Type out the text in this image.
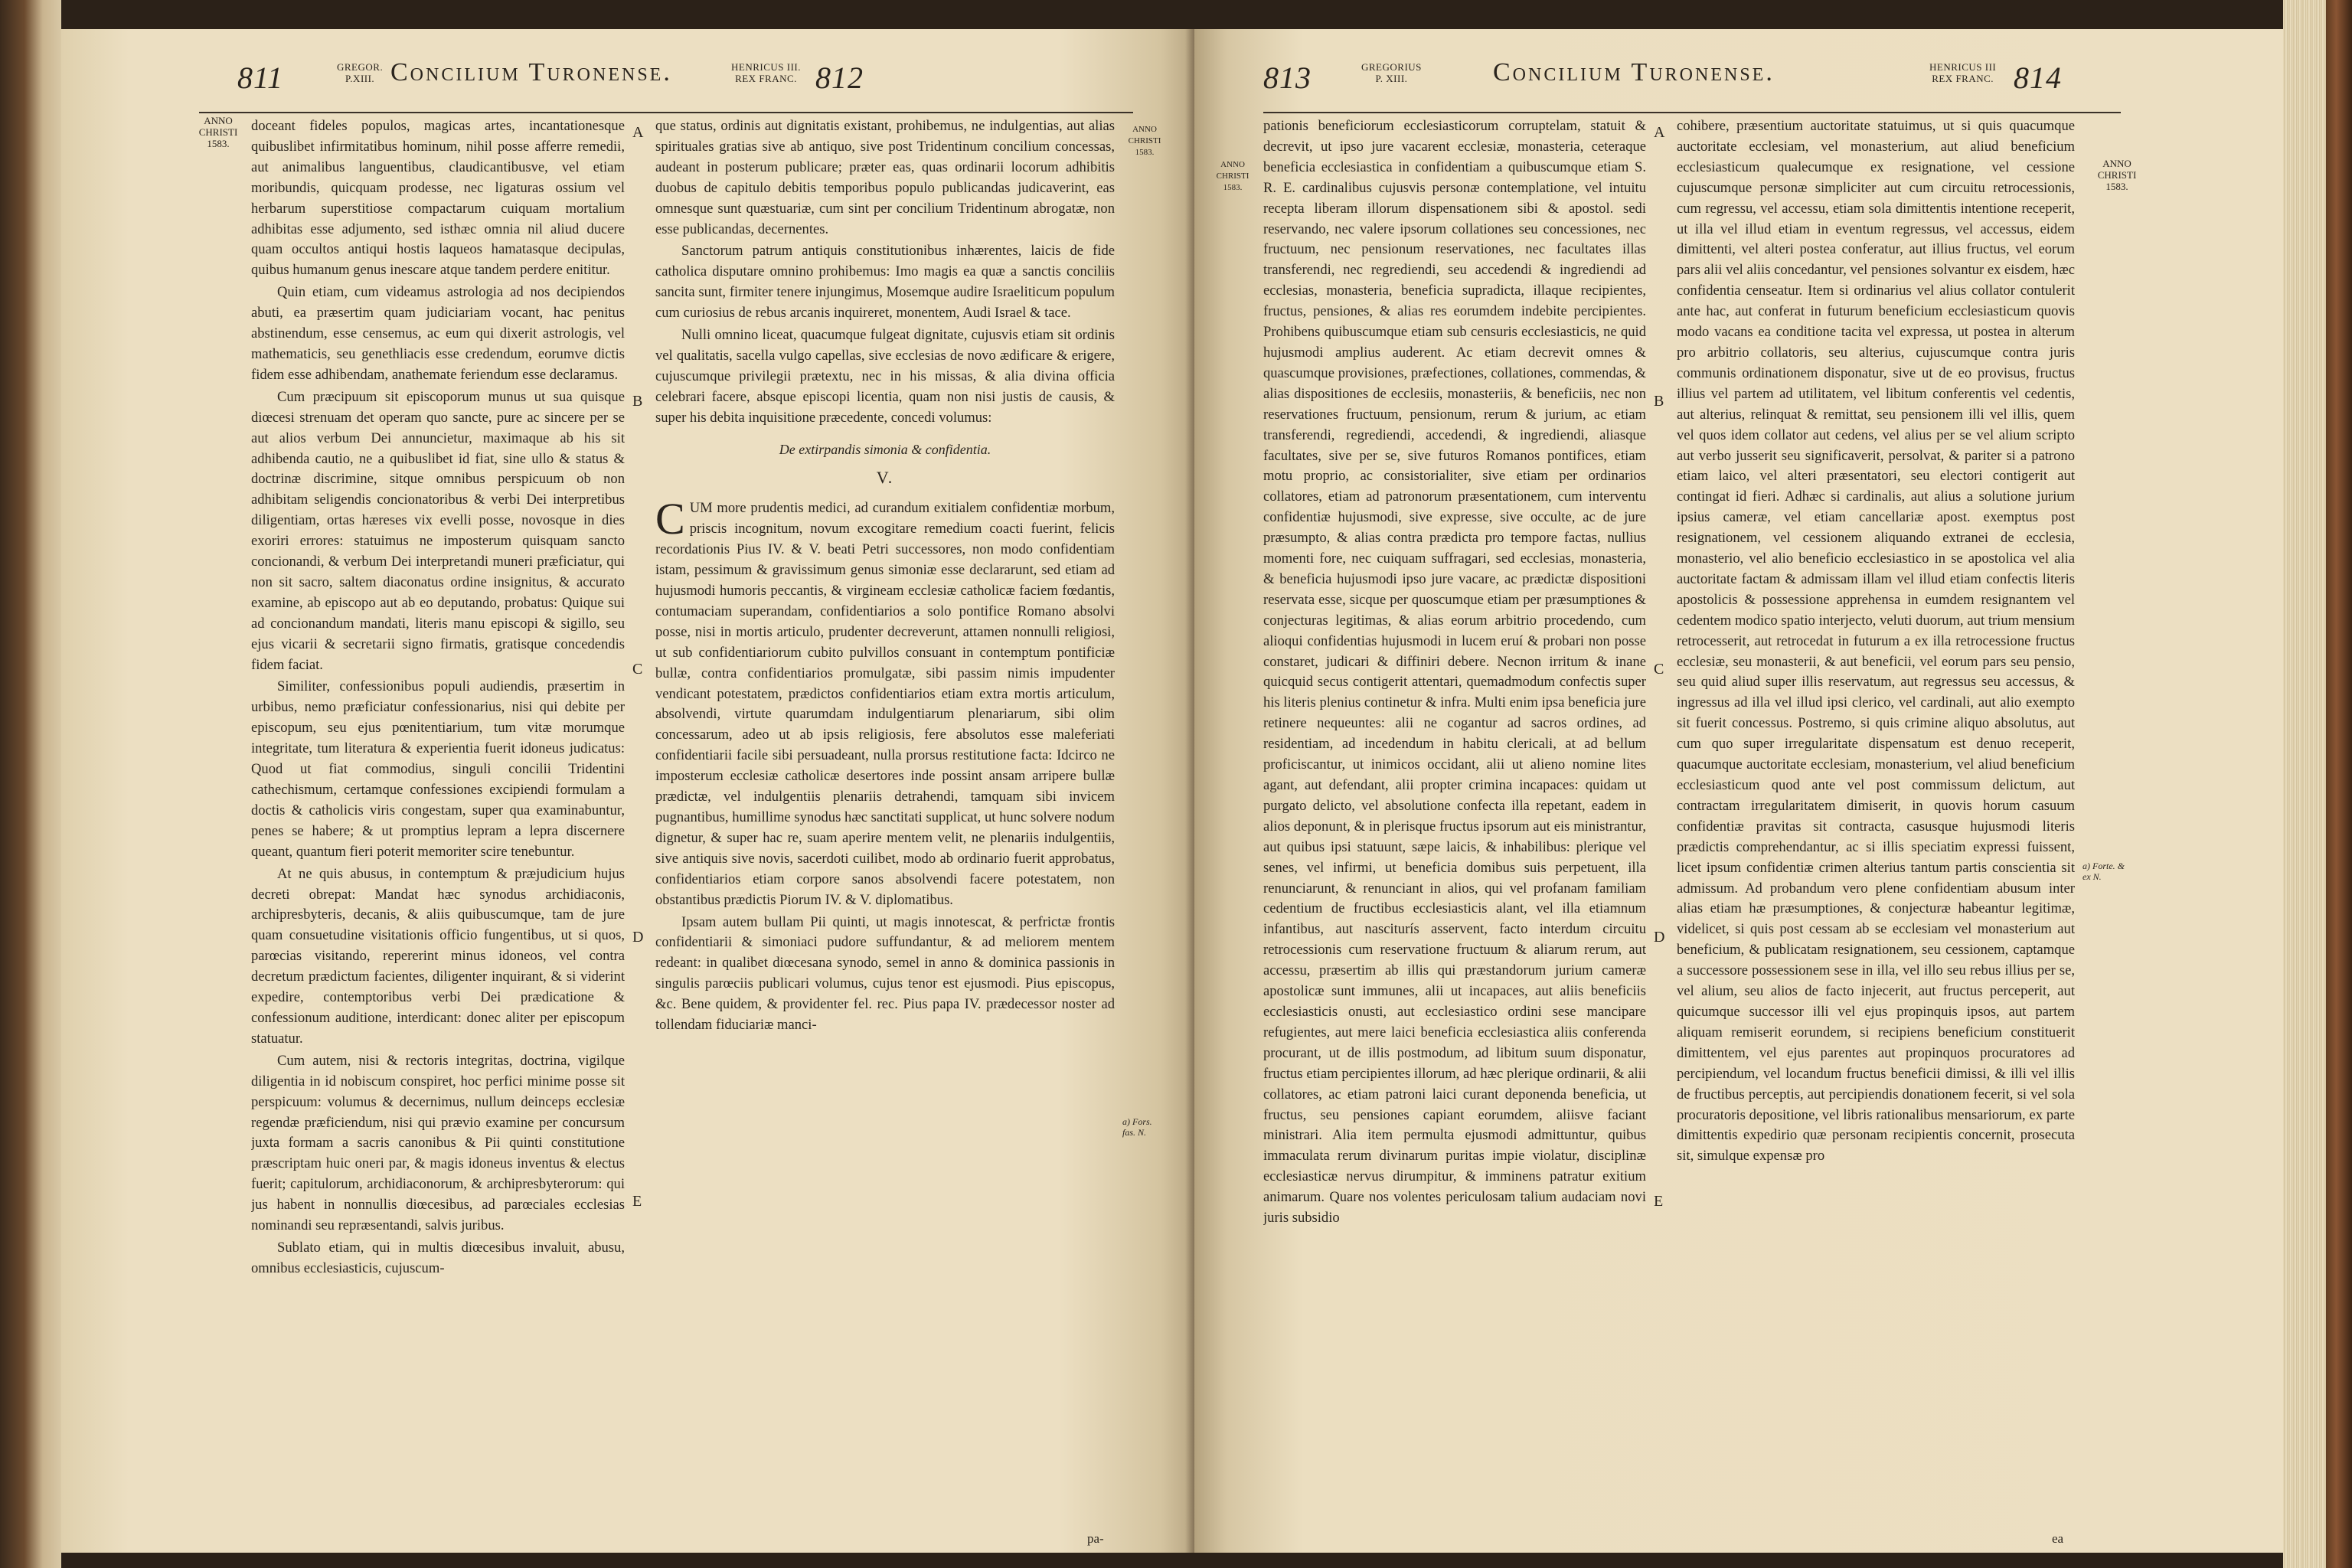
811	GREGOR.
P.XIII. Concilium Turonense.	HENRICUS III.
REX FRANC. 812
ANNO
CHRISTI
1583.
ANNO
CHRISTI
1583.

doceant fideles populos, magicas artes, incantationesque quibuslibet infirmitatibus hominum, nihil posse afferre remedii, aut animalibus languentibus, claudicantibusve, vel etiam moribundis, quicquam prodesse, nec ligaturas ossium vel herbarum superstitiose compactarum cuiquam mortalium adhibitas esse adjumento, sed isthæc omnia nil aliud ducere quam occultos antiqui hostis laqueos hamatasque decipulas, quibus humanum genus inescare atque tandem perdere enititur.

Quin etiam, cum videamus astrologia ad nos decipiendos abuti, ea præsertim quam judiciariam vocant, hac penitus abstinendum, esse censemus, ac eum qui dixerit astrologis, vel mathematicis, seu genethliacis esse credendum, eorumve dictis fidem esse adhibendam, anathemate feriendum esse declaramus.

Cum præcipuum sit episcoporum munus ut sua quisque diœcesi strenuam det operam quo sancte, pure ac sincere per se aut alios verbum Dei annuncietur, maximaque ab his sit adhibenda cautio, ne a quibuslibet id fiat, sine ullo & status & doctrinæ discrimine, sitque omnibus perspicuum ob non adhibitam seligendis concionatoribus & verbi Dei interpretibus diligentiam, ortas hæreses vix evelli posse, novosque in dies exoriri errores: statuimus ne imposterum quisquam sancto concionandi, & verbum Dei interpretandi muneri præficiatur, qui non sit sacro, saltem diaconatus ordine insignitus, & accurato examine, ab episcopo aut ab eo deputando, probatus: Quique sui ad concionandum mandati, literis manu episcopi & sigillo, seu ejus vicarii & secretarii signo firmatis, gratisque concedendis fidem faciat.

Similiter, confessionibus populi audiendis, præsertim in urbibus, nemo præficiatur confessionarius, nisi qui debite per episcopum, seu ejus pœnitentiarium, tum vitæ morumque integritate, tum literatura & experientia fuerit idoneus judicatus: Quod ut fiat commodius, singuli concilii Tridentini cathechismum, certamque confessiones excipiendi formulam a doctis & catholicis viris congestam, super qua examinabuntur, penes se habere; & ut promptius lepram a lepra discernere queant, quantum fieri poterit memoriter scire tenebuntur.

At ne quis abusus, in contemptum & præjudicium hujus decreti obrepat: Mandat hæc synodus archidiaconis, archipresbyteris, decanis, & aliis quibuscumque, tam de jure quam consuetudine visitationis officio fungentibus, ut si quos, parœcias visitando, repererint minus idoneos, vel contra decretum prædictum facientes, diligenter inquirant, & si viderint expedire, contemptoribus verbi Dei prædicatione & confessionum auditione, interdicant: donec aliter per episcopum statuatur.

Cum autem, nisi & rectoris integritas, doctrina, vigilque diligentia in id nobiscum conspiret, hoc perfici minime posse sit perspicuum: volumus & decernimus, nullum deinceps ecclesiæ regendæ præficiendum, nisi qui prævio examine per concursum juxta formam a sacris canonibus & Pii quinti constitutione præscriptam huic oneri par, & magis idoneus inventus & electus fuerit; capitulorum, archidiaconorum, & archipresbyterorum: qui jus habent in nonnullis diœcesibus, ad parœciales ecclesias nominandi seu repræsentandi, salvis juribus.

Sublato etiam, qui in multis diœcesibus invaluit, abusu, omnibus ecclesiasticis, cujuscum-

A
B
C
D
E

que status, ordinis aut dignitatis existant, prohibemus, ne indulgentias, aut alias spirituales gratias sive ab antiquo, sive post Tridentinum concilium concessas, audeant in posterum publicare; præter eas, quas ordinarii locorum adhibitis duobus de capitulo debitis temporibus populo publicandas judicaverint, eas omnesque sunt quæstuariæ, cum sint per concilium Tridentinum abrogatæ, non esse publicandas, decernentes.

Sanctorum patrum antiquis constitutionibus inhærentes, laicis de fide catholica disputare omnino prohibemus: Imo magis ea quæ a sanctis conciliis sancita sunt, firmiter tenere injungimus, Mosemque audire Israeliticum populum cum curiosius de rebus arcanis inquireret, monentem, Audi Israel & tace.

Nulli omnino liceat, quacumque fulgeat dignitate, cujusvis etiam sit ordinis vel qualitatis, sacella vulgo capellas, sive ecclesias de novo ædificare & erigere, cujuscumque privilegii prætextu, nec in his missas, & alia divina officia celebrari facere, absque episcopi licentia, quam non nisi justis de causis, & super his debita inquisitione præcedente, concedi volumus:

De extirpandis simonia & confidentia.
V.

CUM more prudentis medici, ad curandum exitialem confidentiæ morbum, priscis incognitum, novum excogitare remedium coacti fuerint, felicis recordationis Pius IV. & V. beati Petri successores, non modo confidentiam istam, pessimum & gravissimum genus simoniæ esse declararunt, sed etiam ad hujusmodi humoris peccantis, & virgineam ecclesiæ catholicæ faciem fœdantis, contumaciam superandam, confidentiarios a solo pontifice Romano absolvi posse, nisi in mortis articulo, prudenter decreverunt, attamen nonnulli religiosi, ut sub confidentiariorum cubito pulvillos consuant in contemptum pontificiæ bullæ, contra confidentiarios promulgatæ, sibi passim nimis impudenter vendicant potestatem, prædictos confidentiarios etiam extra mortis articulum, absolvendi, virtute quarumdam indulgentiarum plenariarum, sibi olim concessarum, adeo ut ab ipsis religiosis, fere absolutos esse maleferiati confidentiarii facile sibi persuadeant, nulla prorsus restitutione facta: Idcirco ne imposterum ecclesiæ catholicæ desertores inde possint ansam arripere bullæ prædictæ, vel indulgentiis plenariis detrahendi, tamquam sibi invicem pugnantibus, humillime synodus hæc sanctitati supplicat, ut hunc solvere nodum dignetur, & super hac re, suam aperire mentem velit, ne plenariis indulgentiis, sive antiquis sive novis, sacerdoti cuilibet, modo ab ordinario fuerit approbatus, confidentiarios etiam corpore sanos absolvendi facere potestatem, non obstantibus prædictis Piorum IV. & V. diplomatibus.

Ipsam autem bullam Pii quinti, ut magis innotescat, & perfrictæ frontis confidentiarii & simoniaci pudore suffundantur, & ad meliorem mentem redeant: in qualibet diœcesana synodo, semel in anno & dominica passionis in singulis parœciis publicari volumus, cujus tenor est ejusmodi. Pius episcopus, &c. Bene quidem, & providenter fel. rec. Pius papa IV. prædecessor noster ad tollendam fiduciariæ manci-

pa-
a) Fors. fas. N.
813	GREGORIUS
P. XIII.	Concilium Turonense.	HENRICUS III
REX FRANC. 814
ANNO
CHRISTI
1583.
ANNO
CHRISTI
1583.

pationis beneficiorum ecclesiasticorum corruptelam, statuit & decrevit, ut ipso jure vacarent ecclesiæ, monasteria, ceteraque beneficia ecclesiastica in confidentiam a quibuscumque etiam S. R. E. cardinalibus cujusvis personæ contemplatione, vel intuitu recepta liberam illorum dispensationem sibi & apostol. sedi reservando, nec valere ipsorum collationes seu concessiones, nec fructuum, nec pensionum reservationes, nec facultates illas transferendi, nec regrediendi, seu accedendi & ingrediendi ad ecclesias, monasteria, beneficia supradicta, illaque recipientes, fructus, pensiones, & alias res eorumdem indebite percipientes. Prohibens quibuscumque etiam sub censuris ecclesiasticis, ne quid hujusmodi amplius auderent. Ac etiam decrevit omnes & quascumque provisiones, præfectiones, collationes, commendas, & alias dispositiones de ecclesiis, monasteriis, & beneficiis, nec non reservationes fructuum, pensionum, rerum & jurium, ac etiam transferendi, regrediendi, accedendi, & ingrediendi, aliasque facultates, sive per se, sive futuros Romanos pontifices, etiam motu proprio, ac consistorialiter, sive etiam per ordinarios collatores, etiam ad patronorum præsentationem, cum interventu confidentiæ hujusmodi, sive expresse, sive occulte, ac de jure præsumpto, & alias contra prædicta pro tempore factas, nullius momenti fore, nec cuiquam suffragari, sed ecclesias, monasteria, & beneficia hujusmodi ipso jure vacare, ac prædictæ dispositioni reservata esse, sicque per quoscumque etiam per præsumptiones & conjecturas legitimas, & alias eorum arbitrio procedendo, cum alioqui confidentias hujusmodi in lucem eruí & probari non posse constaret, judicari & diffiniri debere. Necnon irritum & inane quicquid secus contigerit attentari, quemadmodum confectis super his literis plenius continetur & infra. Multi enim ipsa beneficia jure retinere nequeuntes: alii ne cogantur ad sacros ordines, ad residentiam, ad incedendum in habitu clericali, at ad bellum proficiscantur, ut inimicos occidant, alii ut alieno nomine lites agant, aut defendant, alii propter crimina incapaces: quidam ut purgato delicto, vel absolutione confecta illa repetant, eadem in alios deponunt, & in plerisque fructus ipsorum aut eis ministrantur, aut quibus ipsi statuunt, sæpe laicis, & inhabilibus: plerique vel senes, vel infirmi, ut beneficia domibus suis perpetuent, illa renunciarunt, & renunciant in alios, qui vel profanam familiam cedentium de fructibus ecclesiasticis alant, vel illa etiamnum infantibus, aut nasciturís asservent, facto interdum circuitu retrocessionis cum reservatione fructuum & aliarum rerum, aut accessu, præsertim ab illis qui præstandorum jurium cameræ apostolicæ sunt immunes, alii ut incapaces, aut aliis beneficiis ecclesiasticis onusti, aut ecclesiastico ordini sese mancipare refugientes, aut mere laici beneficia ecclesiastica aliis conferenda procurant, ut de illis postmodum, ad libitum suum disponatur, fructus etiam percipientes illorum, ad hæc plerique ordinarii, & alii collatores, ac etiam patroni laici curant deponenda beneficia, ut fructus, seu pensiones capiant eorumdem, aliisve faciant ministrari. Alia item permulta ejusmodi admittuntur, quibus immaculata rerum divinarum puritas impie violatur, disciplinæ ecclesiasticæ nervus dirumpitur, & imminens patratur exitium animarum. Quare nos volentes periculosam talium audaciam novi juris subsidio

A
B
C
D
E

cohibere, præsentium auctoritate statuimus, ut si quis quacumque auctoritate ecclesiam, vel monasterium, aut aliud beneficium ecclesiasticum qualecumque ex resignatione, vel cessione cujuscumque personæ simpliciter aut cum circuitu retrocessionis, cum regressu, vel accessu, etiam sola dimittentis intentione receperit, ut illa vel illud etiam in eventum regressus, vel accessus, eidem dimittenti, vel alteri postea conferatur, aut illius fructus, vel eorum pars alii vel aliis concedantur, vel pensiones solvantur ex eisdem, hæc confidentia censeatur. Item si ordinarius vel alius collator contulerit ante hac, aut conferat in futurum beneficium ecclesiasticum quovis modo vacans ea conditione tacita vel expressa, ut postea in alterum pro arbitrio collatoris, seu alterius, cujuscumque contra juris communis ordinationem disponatur, sive ut de eo provisus, fructus illius vel partem ad utilitatem, vel libitum conferentis vel cedentis, aut alterius, relinquat & remittat, seu pensionem illi vel illis, quem vel quos idem collator aut cedens, vel alius per se vel alium scripto aut verbo jusserit seu significaverit, persolvat, & pariter si a patrono etiam laico, vel alteri præsentatori, seu electori contigerit aut contingat id fieri. Adhæc si cardinalis, aut alius a solutione jurium ipsius cameræ, vel etiam cancellariæ apost. exemptus post resignationem, vel cessionem aliquando extranei de ecclesia, monasterio, vel alio beneficio ecclesiastico in se apostolica vel alia auctoritate factam & admissam illam vel illud etiam confectis literis apostolicis & possessione apprehensa in eumdem resignantem vel cedentem modico spatio interjecto, veluti duorum, aut trium mensium retrocesserit, aut retrocedat in futurum a ex illa retrocessione fructus ecclesiæ, seu monasterii, & aut beneficii, vel eorum pars seu pensio, seu quid aliud super illis reservatum, aut regressus seu accessus, & ingressus ad illa vel illud ipsi clerico, vel cardinali, aut alio exempto sit fuerit concessus. Postremo, si quis crimine aliquo absolutus, aut cum quo super irregularitate dispensatum est denuo receperit, quacumque auctoritate ecclesiam, monasterium, vel aliud beneficium ecclesiasticum quod ante vel post commissum delictum, aut contractam irregularitatem dimiserit, in quovis horum casuum confidentiæ pravitas sit contracta, casusque hujusmodi literis prædictis comprehendantur, ac si illis speciatim expressi fuissent, licet ipsum confidentiæ crimen alterius tantum partis conscientia sit admissum. Ad probandum vero plene confidentiam abusum inter alias etiam hæ præsumptiones, & conjecturæ habeantur legitimæ, videlicet, si quis post cessam ab se ecclesiam vel monasterium aut beneficium, & publicatam resignationem, seu cessionem, captamque a successore possessionem sese in illa, vel illo seu rebus illius per se, vel alium, seu alios de facto injecerit, aut fructus perceperit, aut quicumque successor illi vel ejus propinquis ipsos, aut partem aliquam remiserit eorundem, si recipiens beneficium constituerit dimittentem, vel ejus parentes aut propinquos procuratores ad percipiendum, vel locandum fructus beneficii dimissi, & illi vel illis de fructibus perceptis, aut percipiendis donationem fecerit, si vel sola procuratoris depositione, vel libris rationalibus mensariorum, ex parte dimittentis expedirio quæ personam recipientis concernit, prosecuta sit, simulque expensæ pro

ea
a) Forte. & ex N.
